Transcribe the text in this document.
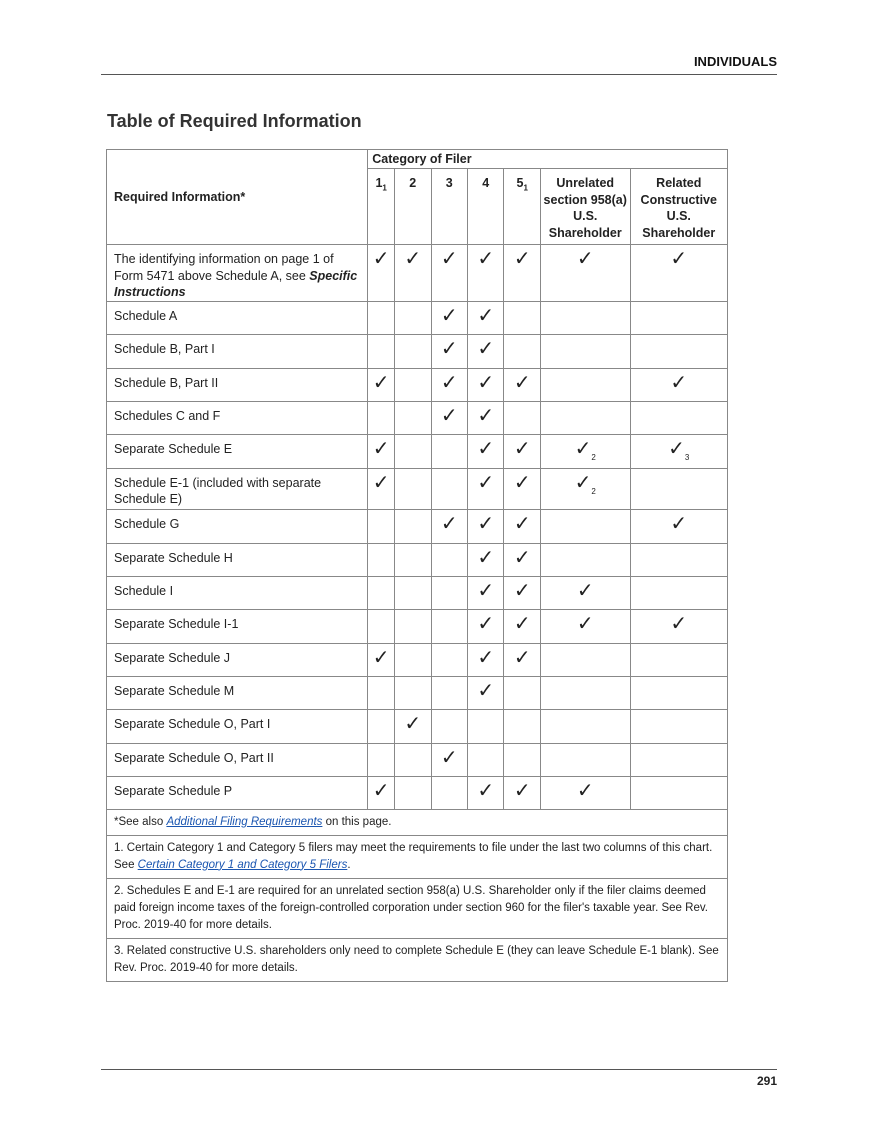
INDIVIDUALS
Table of Required Information
Required Information*	Category of Filer						
	$1_1$	2	3	4	$5_1$	Unrelated section 958(a) U.S. Shareholder	Related Constructive U.S. Shareholder
The identifying information on page 1 of Form 5471 above Schedule A, see Specific Instructions	✓	✓	✓	✓	✓	✓	✓
Schedule A			✓	✓			
Schedule B, Part I			✓	✓			
Schedule B, Part II	✓		✓	✓	✓		✓
Schedules C and F			✓	✓			
Separate Schedule E	✓			✓	✓	$✓_2$	$✓_3$
Schedule E-1 (included with separate Schedule E)	✓			✓	✓	$✓_2$	
Schedule G			✓	✓	✓		✓
Separate Schedule H				✓	✓		
Schedule I				✓	✓	✓	
Separate Schedule I-1				✓	✓	✓	✓
Separate Schedule J	✓			✓	✓		
Separate Schedule M				✓			
Separate Schedule O, Part I		✓					
Separate Schedule O, Part II			✓				
Separate Schedule P	✓			✓	✓	✓	
*See also Additional Filing Requirements on this page.							
1. Certain Category 1 and Category 5 filers may meet the requirements to file under the last two columns of this chart. See Certain Category 1 and Category 5 Filers.							
2. Schedules E and E-1 are required for an unrelated section 958(a) U.S. Shareholder only if the filer claims deemed paid foreign income taxes of the foreign-controlled corporation under section 960 for the filer's taxable year. See Rev. Proc. 2019-40 for more details.							
3. Related constructive U.S. shareholders only need to complete Schedule E (they can leave Schedule E-1 blank). See Rev. Proc. 2019-40 for more details.							
291
